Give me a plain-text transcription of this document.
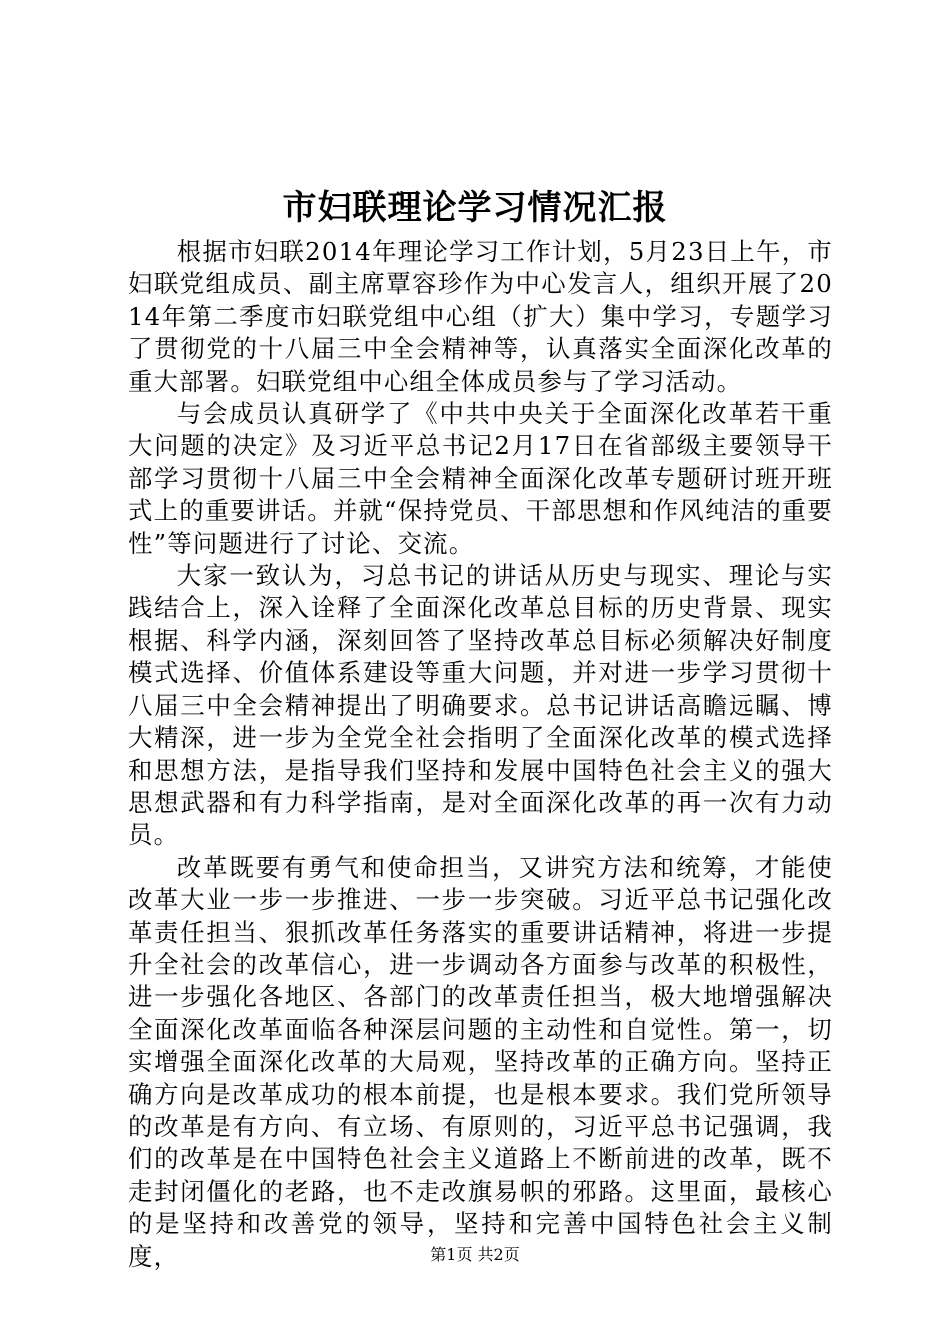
市妇联理论学习情况汇报

根据市妇联2014年理论学习工作计划，5月23日上午，市妇联党组成员、副主席覃容珍作为中心发言人，组织开展了2014年第二季度市妇联党组中心组（扩大）集中学习，专题学习了贯彻党的十八届三中全会精神等，认真落实全面深化改革的重大部署。妇联党组中心组全体成员参与了学习活动。

与会成员认真研学了《中共中央关于全面深化改革若干重大问题的决定》及习近平总书记2月17日在省部级主要领导干部学习贯彻十八届三中全会精神全面深化改革专题研讨班开班式上的重要讲话。并就“保持党员、干部思想和作风纯洁的重要性”等问题进行了讨论、交流。

大家一致认为，习总书记的讲话从历史与现实、理论与实践结合上，深入诠释了全面深化改革总目标的历史背景、现实根据、科学内涵，深刻回答了坚持改革总目标必须解决好制度模式选择、价值体系建设等重大问题，并对进一步学习贯彻十八届三中全会精神提出了明确要求。总书记讲话高瞻远瞩、博大精深，进一步为全党全社会指明了全面深化改革的模式选择和思想方法，是指导我们坚持和发展中国特色社会主义的强大思想武器和有力科学指南，是对全面深化改革的再一次有力动员。

改革既要有勇气和使命担当，又讲究方法和统筹，才能使改革大业一步一步推进、一步一步突破。习近平总书记强化改革责任担当、狠抓改革任务落实的重要讲话精神，将进一步提升全社会的改革信心，进一步调动各方面参与改革的积极性，进一步强化各地区、各部门的改革责任担当，极大地增强解决全面深化改革面临各种深层问题的主动性和自觉性。第一，切实增强全面深化改革的大局观，坚持改革的正确方向。坚持正确方向是改革成功的根本前提，也是根本要求。我们党所领导的改革是有方向、有立场、有原则的，习近平总书记强调，我们的改革是在中国特色社会主义道路上不断前进的改革，既不走封闭僵化的老路，也不走改旗易帜的邪路。这里面，最核心的是坚持和改善党的领导，坚持和完善中国特色社会主义制度，	第1页 共2页
